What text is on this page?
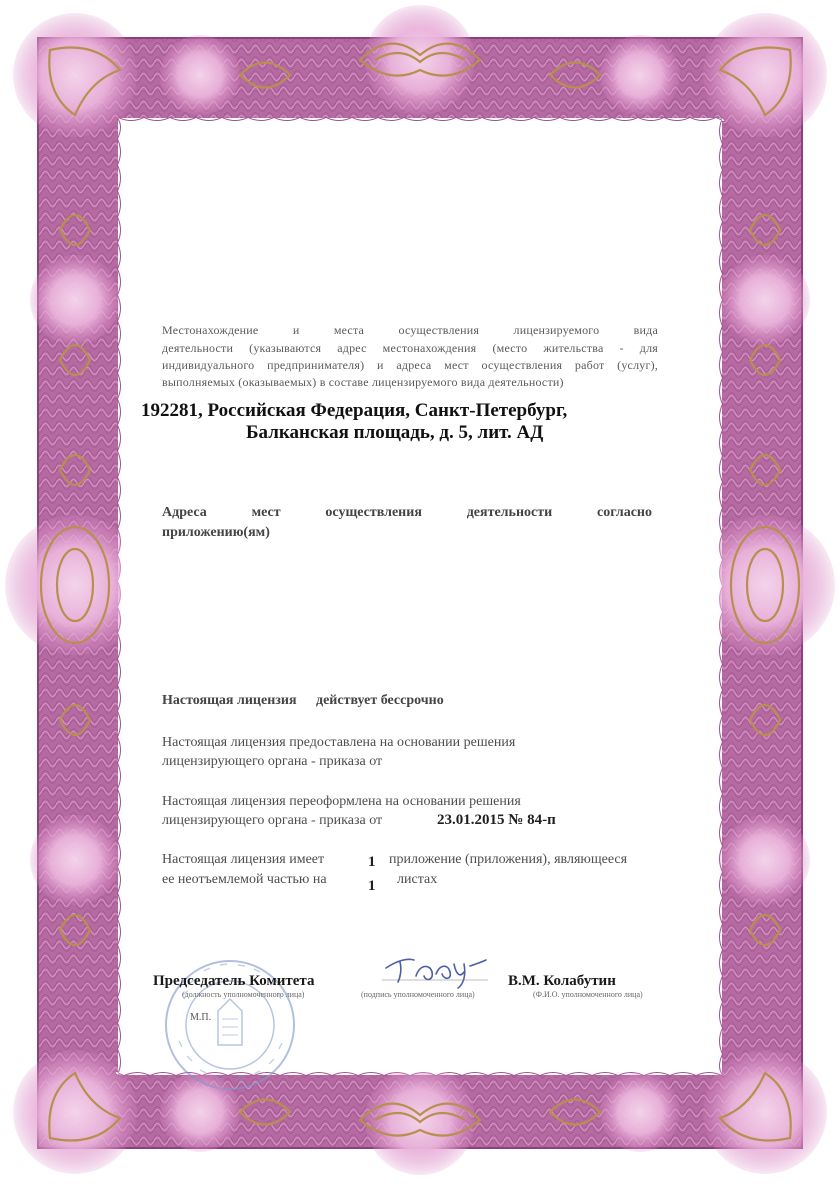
Местонахождение и места осуществления лицензируемого вида
деятельности (указываются адрес местонахождения (место жительства - для
индивидуального предпринимателя) и адреса мест осуществления работ (услуг),
выполняемых (оказываемых) в составе лицензируемого вида деятельности)
192281, Российская Федерация, Санкт-Петербург,
Балканская площадь, д. 5, лит. АД
Адреса мест осуществления деятельности согласно
приложению(ям)
Настоящая лицензия действует бессрочно
Настоящая лицензия предоставлена на основании решения
лицензирующего органа - приказа от
Настоящая лицензия переоформлена на основании решения
лицензирующего органа - приказа от	23.01.2015 № 84-п
Настоящая лицензия имеет	1 приложение (приложения), являющееся
ее неотъемлемой частью на	1 листах
Председатель Комитета
(должность уполномоченного лица)	(подпись уполномоченного лица)
В.М. Колабутин
(Ф.И.О. уполномоченного лица)
М.П.
